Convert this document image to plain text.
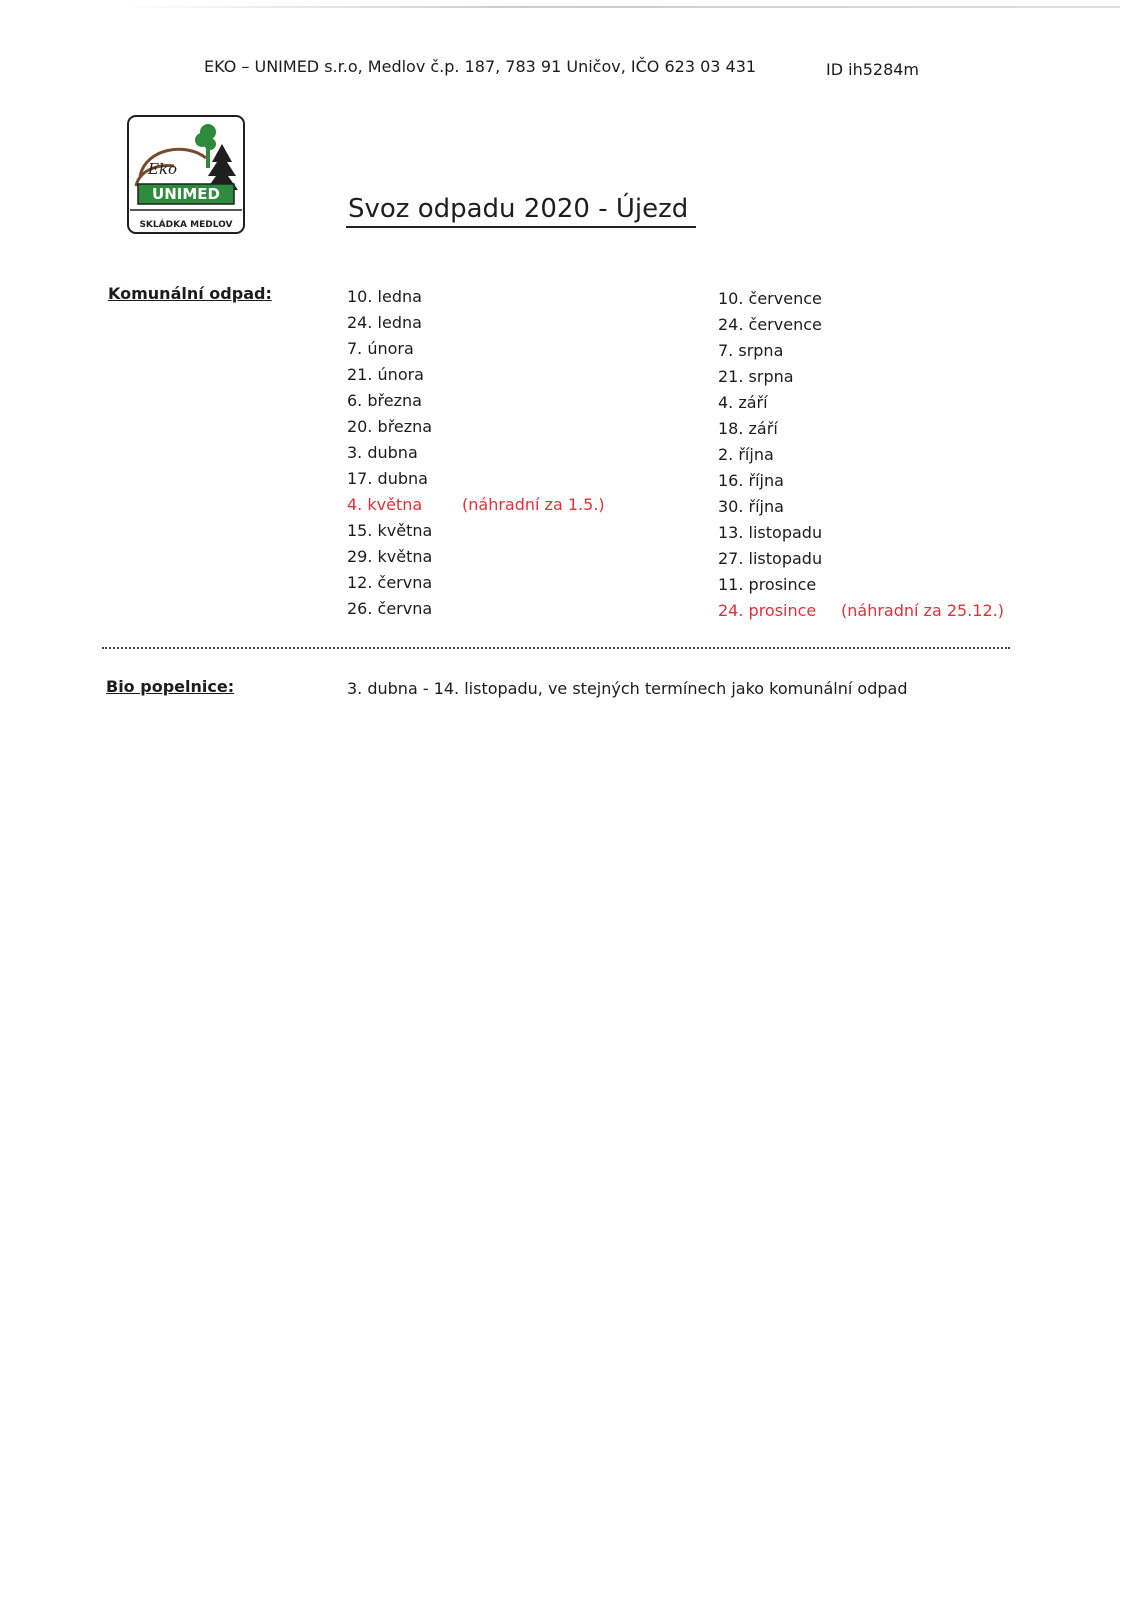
EKO – UNIMED s.r.o, Medlov č.p. 187, 783 91 Uničov, IČO 623 03 431	ID ih5284m
Eko
UNIMED
SKLÁDKA MEDLOV
Svoz odpadu 2020 - Újezd
Komunální odpad:	10. ledna
24. ledna
7. února
21. února
6. března
20. března
3. dubna
17. dubna
4. května (náhradní za 1.5.)
15. května
29. května
12. června
26. června
10. července
24. července
7. srpna
21. srpna
4. září
18. září
2. října
16. října
30. října
13. listopadu
27. listopadu
11. prosince
24. prosince (náhradní za 25.12.)
Bio popelnice:	3. dubna - 14. listopadu, ve stejných termínech jako komunální odpad
